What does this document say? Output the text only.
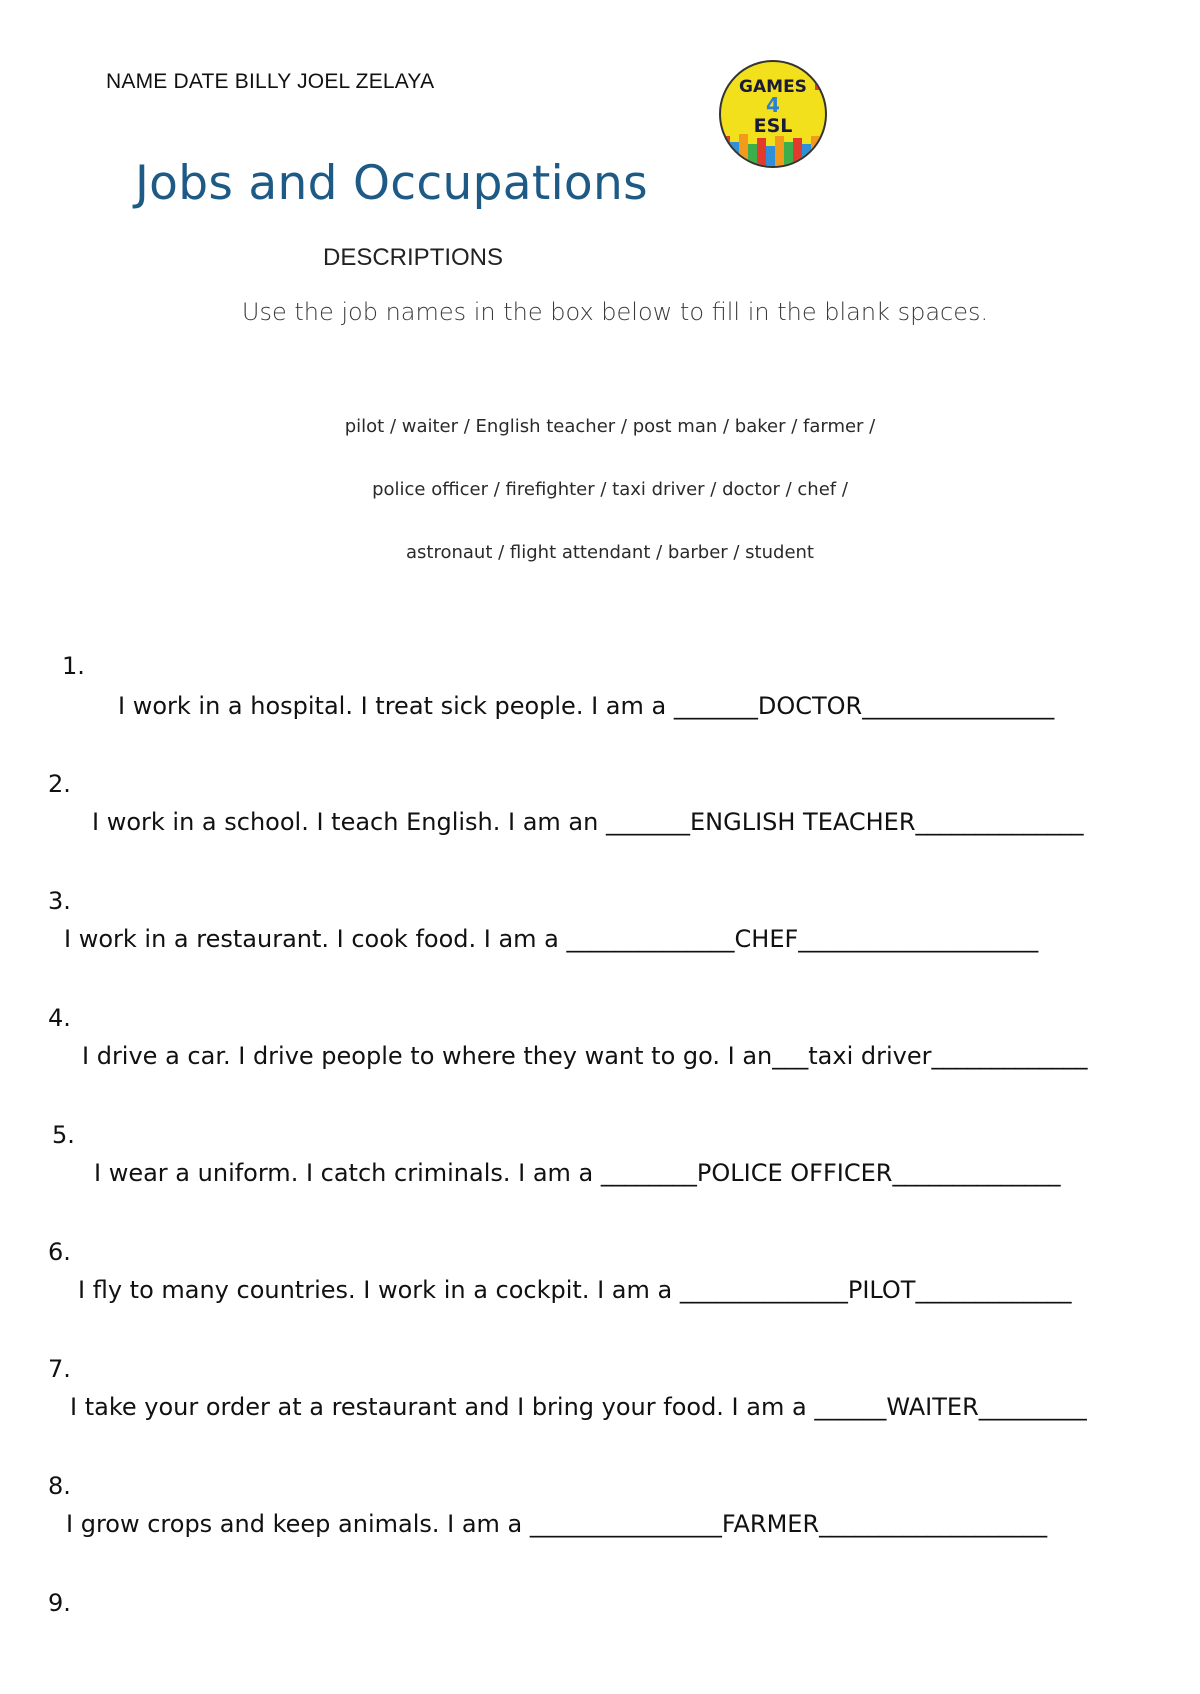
NAME DATE BILLY JOEL ZELAYA	GAMES
4
ESL
Jobs and Occupations
DESCRIPTIONS
Use the job names in the box below to fill in the blank spaces.
pilot / waiter / English teacher / post man / baker / farmer /
police officer / firefighter / taxi driver / doctor / chef /
astronaut / flight attendant / barber / student
1.
I work in a hospital. I treat sick people. I am a _______DOCTOR________________
2.
I work in a school. I teach English. I am an _______ENGLISH TEACHER______________
3.
I work in a restaurant. I cook food. I am a ______________CHEF____________________
4.
I drive a car. I drive people to where they want to go. I an___taxi driver_____________
5.
I wear a uniform. I catch criminals. I am a ________POLICE OFFICER______________
6.
I fly to many countries. I work in a cockpit. I am a ______________PILOT_____________
7.
I take your order at a restaurant and I bring your food. I am a ______WAITER_________
8.
I grow crops and keep animals. I am a ________________FARMER___________________
9.
